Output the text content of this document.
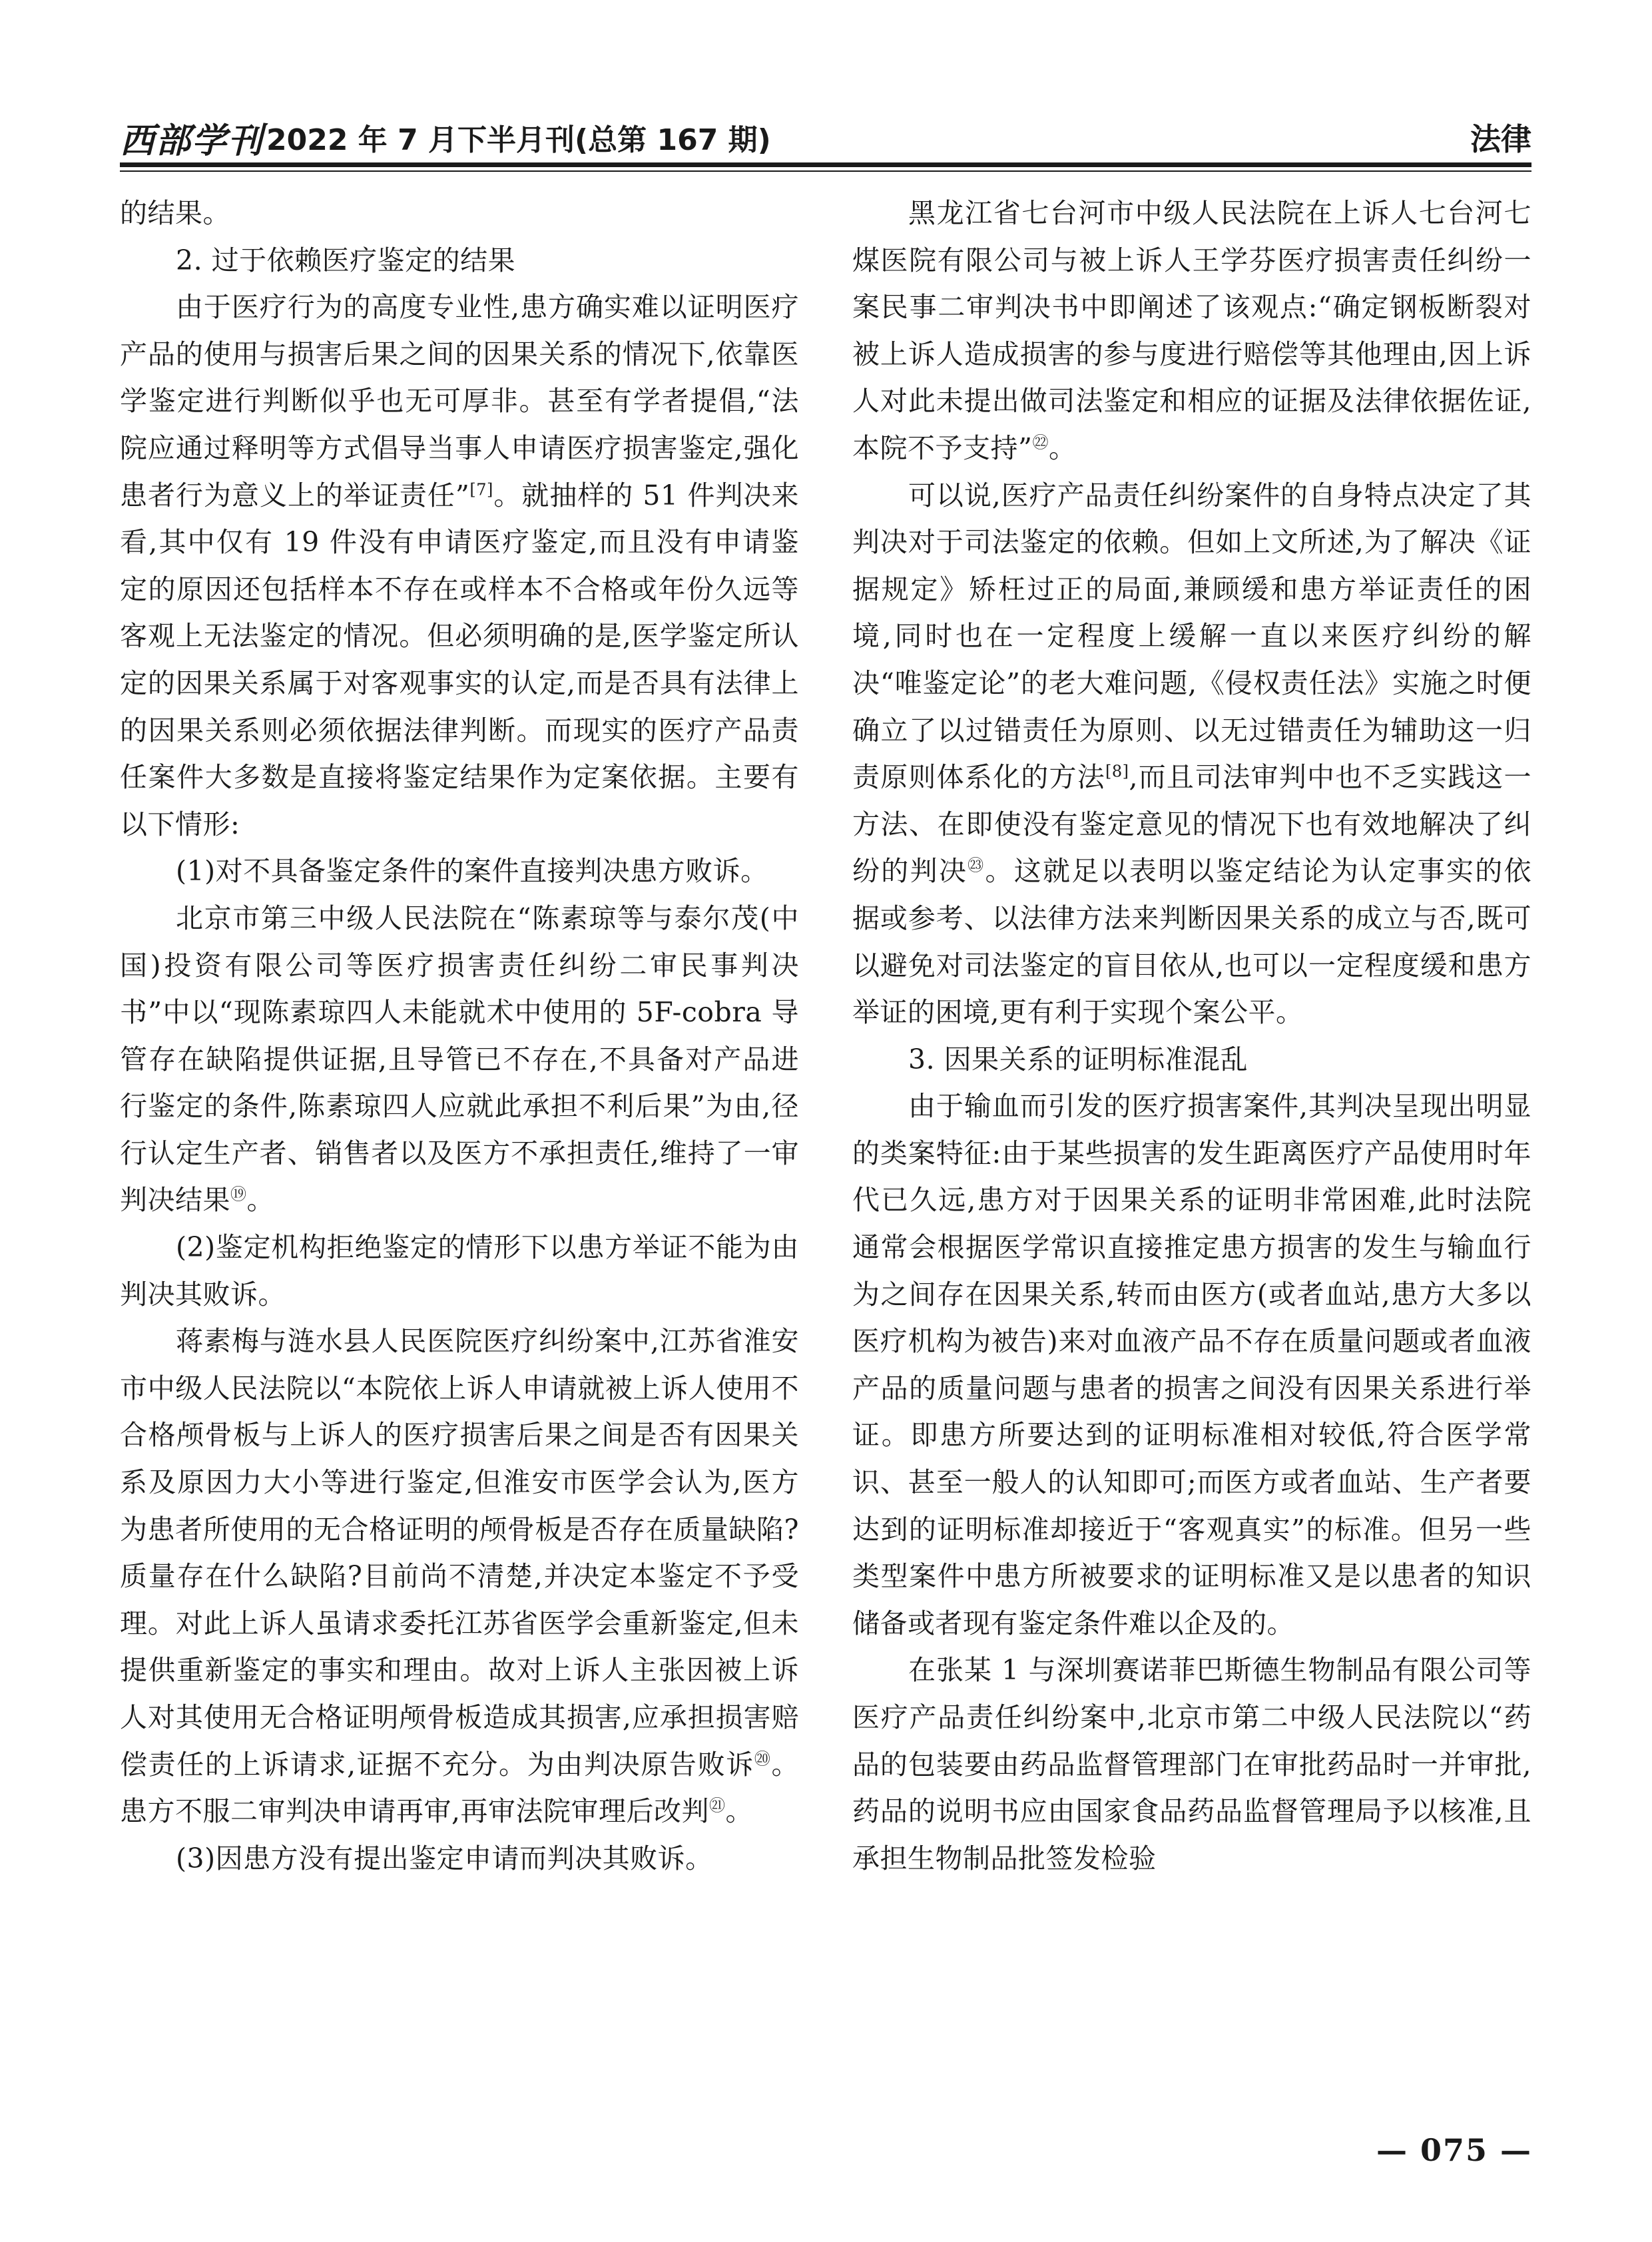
西部学刊 2022 年 7 月下半月刊(总第 167 期)	法律

的结果。

2. 过于依赖医疗鉴定的结果

由于医疗行为的高度专业性,患方确实难以证明医疗产品的使用与损害后果之间的因果关系的情况下,依靠医学鉴定进行判断似乎也无可厚非。甚至有学者提倡,“法院应通过释明等方式倡导当事人申请医疗损害鉴定,强化患者行为意义上的举证责任”[7]。就抽样的 51 件判决来看,其中仅有 19 件没有申请医疗鉴定,而且没有申请鉴定的原因还包括样本不存在或样本不合格或年份久远等客观上无法鉴定的情况。但必须明确的是,医学鉴定所认定的因果关系属于对客观事实的认定,而是否具有法律上的因果关系则必须依据法律判断。而现实的医疗产品责任案件大多数是直接将鉴定结果作为定案依据。主要有以下情形:

(1)对不具备鉴定条件的案件直接判决患方败诉。

北京市第三中级人民法院在“陈素琼等与泰尔茂(中国)投资有限公司等医疗损害责任纠纷二审民事判决书”中以“现陈素琼四人未能就术中使用的 5F-cobra 导管存在缺陷提供证据,且导管已不存在,不具备对产品进行鉴定的条件,陈素琼四人应就此承担不利后果”为由,径行认定生产者、销售者以及医方不承担责任,维持了一审判决结果⑲。

(2)鉴定机构拒绝鉴定的情形下以患方举证不能为由判决其败诉。

蒋素梅与涟水县人民医院医疗纠纷案中,江苏省淮安市中级人民法院以“本院依上诉人申请就被上诉人使用不合格颅骨板与上诉人的医疗损害后果之间是否有因果关系及原因力大小等进行鉴定,但淮安市医学会认为,医方为患者所使用的无合格证明的颅骨板是否存在质量缺陷?质量存在什么缺陷?目前尚不清楚,并决定本鉴定不予受理。对此上诉人虽请求委托江苏省医学会重新鉴定,但未提供重新鉴定的事实和理由。故对上诉人主张因被上诉人对其使用无合格证明颅骨板造成其损害,应承担损害赔偿责任的上诉请求,证据不充分。为由判决原告败诉⑳。患方不服二审判决申请再审,再审法院审理后改判$^㉑$。

(3)因患方没有提出鉴定申请而判决其败诉。

黑龙江省七台河市中级人民法院在上诉人七台河七煤医院有限公司与被上诉人王学芬医疗损害责任纠纷一案民事二审判决书中即阐述了该观点:“确定钢板断裂对被上诉人造成损害的参与度进行赔偿等其他理由,因上诉人对此未提出做司法鉴定和相应的证据及法律依据佐证,本院不予支持”$^㉒$。

可以说,医疗产品责任纠纷案件的自身特点决定了其判决对于司法鉴定的依赖。但如上文所述,为了解决《证据规定》矫枉过正的局面,兼顾缓和患方举证责任的困境,同时也在一定程度上缓解一直以来医疗纠纷的解决“唯鉴定论”的老大难问题,《侵权责任法》实施之时便确立了以过错责任为原则、以无过错责任为辅助这一归责原则体系化的方法[8],而且司法审判中也不乏实践这一方法、在即使没有鉴定意见的情况下也有效地解决了纠纷的判决$^㉓$。这就足以表明以鉴定结论为认定事实的依据或参考、以法律方法来判断因果关系的成立与否,既可以避免对司法鉴定的盲目依从,也可以一定程度缓和患方举证的困境,更有利于实现个案公平。

3. 因果关系的证明标准混乱

由于输血而引发的医疗损害案件,其判决呈现出明显的类案特征:由于某些损害的发生距离医疗产品使用时年代已久远,患方对于因果关系的证明非常困难,此时法院通常会根据医学常识直接推定患方损害的发生与输血行为之间存在因果关系,转而由医方(或者血站,患方大多以医疗机构为被告)来对血液产品不存在质量问题或者血液产品的质量问题与患者的损害之间没有因果关系进行举证。即患方所要达到的证明标准相对较低,符合医学常识、甚至一般人的认知即可;而医方或者血站、生产者要达到的证明标准却接近于“客观真实”的标准。但另一些类型案件中患方所被要求的证明标准又是以患者的知识储备或者现有鉴定条件难以企及的。

在张某 1 与深圳赛诺菲巴斯德生物制品有限公司等医疗产品责任纠纷案中,北京市第二中级人民法院以“药品的包装要由药品监督管理部门在审批药品时一并审批,药品的说明书应由国家食品药品监督管理局予以核准,且承担生物制品批签发检验

— 075 —
